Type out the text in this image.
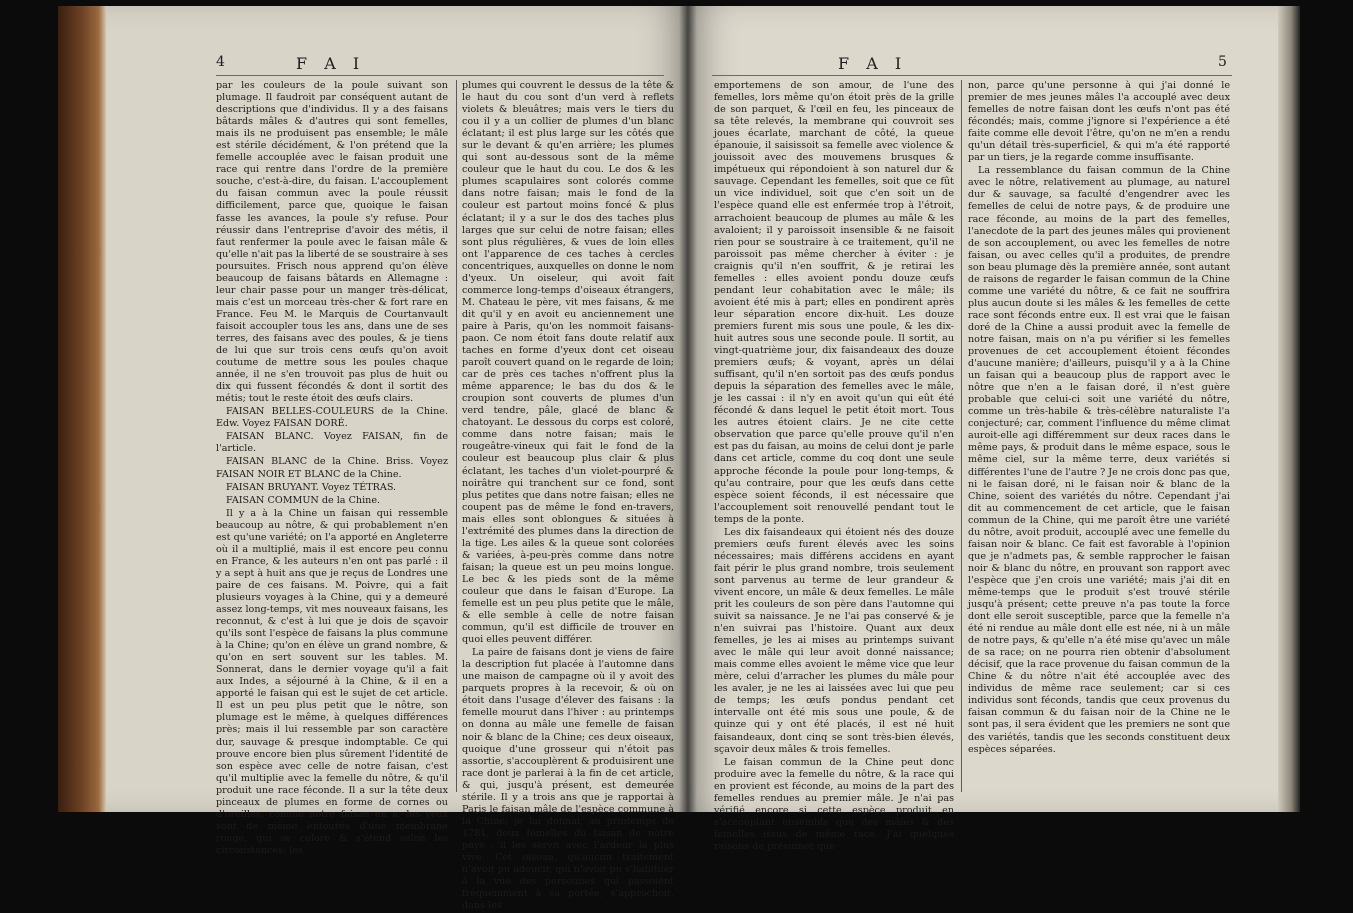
4	F A I

par les couleurs de la poule suivant son plumage. Il faudroit par conséquent autant de descriptions que d'individus. Il y a des faisans bâtards mâles & d'autres qui sont femelles, mais ils ne produisent pas ensemble; le mâle est stérile décidément, & l'on prétend que la femelle accouplée avec le faisan produit une race qui rentre dans l'ordre de la première souche, c'est-à-dire, du faisan. L'accouplement du faisan commun avec la poule réussit difficilement, parce que, quoique le faisan fasse les avances, la poule s'y refuse. Pour réussir dans l'entreprise d'avoir des métis, il faut renfermer la poule avec le faisan mâle & qu'elle n'ait pas la liberté de se soustraire à ses poursuites. Frisch nous apprend qu'on élève beaucoup de faisans bâtards en Allemagne : leur chair passe pour un manger très-délicat, mais c'est un morceau très-cher & fort rare en France. Feu M. le Marquis de Courtanvault faisoit accoupler tous les ans, dans une de ses terres, des faisans avec des poules, & je tiens de lui que sur trois cens œufs qu'on avoit coutume de mettre sous les poules chaque année, il ne s'en trouvoit pas plus de huit ou dix qui fussent fécondés & dont il sortit des métis; tout le reste étoit des œufs clairs.

FAISAN BELLES-COULEURS de la Chine. Edw. Voyez FAISAN DORÉ.

FAISAN BLANC. Voyez FAISAN, fin de l'article.

FAISAN BLANC de la Chine. Briss. Voyez FAISAN NOIR ET BLANC de la Chine.

FAISAN BRUYANT. Voyez TÉTRAS.

FAISAN COMMUN de la Chine.

Il y a à la Chine un faisan qui ressemble beaucoup au nôtre, & qui probablement n'en est qu'une variété; on l'a apporté en Angleterre où il a multiplié, mais il est encore peu connu en France, & les auteurs n'en ont pas parlé : il y a sept à huit ans que je reçus de Londres une paire de ces faisans. M. Poivre, qui a fait plusieurs voyages à la Chine, qui y a demeuré assez long-temps, vit mes nouveaux faisans, les reconnut, & c'est à lui que je dois de sçavoir qu'ils sont l'espèce de faisans la plus commune à la Chine; qu'on en élève un grand nombre, & qu'on en sert souvent sur les tables. M. Sonnerat, dans le dernier voyage qu'il a fait aux Indes, a séjourné à la Chine, & il en a apporté le faisan qui est le sujet de cet article. Il est un peu plus petit que le nôtre, son plumage est le même, à quelques différences près; mais il lui ressemble par son caractère dur, sauvage & presque indomptable. Ce qui prouve encore bien plus sûrement l'identité de son espèce avec celle de notre faisan, c'est qu'il multiplie avec la femelle du nôtre, & qu'il produit une race féconde. Il a sur la tête deux pinceaux de plumes en forme de cornes ou d'oreilles, comme notre faisan en a; les yeux sont de même entourés d'une membrane rouge, qui se colore & s'étend selon les circonstances; les

plumes qui couvrent le dessus de la tête & le haut du cou sont d'un verd à reflets violets & bleuâtres; mais vers le tiers du cou il y a un collier de plumes d'un blanc éclatant; il est plus large sur les côtés que sur le devant & qu'en arrière; les plumes qui sont au-dessous sont de la même couleur que le haut du cou. Le dos & les plumes scapulaires sont colorés comme dans notre faisan; mais le fond de la couleur est partout moins foncé & plus éclatant; il y a sur le dos des taches plus larges que sur celui de notre faisan; elles sont plus régulières, & vues de loin elles ont l'apparence de ces taches à cercles concentriques, auxquelles on donne le nom d'yeux. Un oiseleur, qui avoit fait commerce long-temps d'oiseaux étrangers, M. Chateau le père, vit mes faisans, & me dit qu'il y en avoit eu anciennement une paire à Paris, qu'on les nommoit faisans-paon. Ce nom étoit fans doute relatif aux taches en forme d'yeux dont cet oiseau paroît couvert quand on le regarde de loin; car de près ces taches n'offrent plus la même apparence; le bas du dos & le croupion sont couverts de plumes d'un verd tendre, pâle, glacé de blanc & chatoyant. Le dessous du corps est coloré, comme dans notre faisan; mais le rougeâtre-vineux qui fait le fond de la couleur est beaucoup plus clair & plus éclatant, les taches d'un violet-pourpré & noirâtre qui tranchent sur ce fond, sont plus petites que dans notre faisan; elles ne coupent pas de même le fond en-travers, mais elles sont oblongues & situées à l'extrémité des plumes dans la direction de la tige. Les ailes & la queue sont colorées & variées, à-peu-près comme dans notre faisan; la queue est un peu moins longue. Le bec & les pieds sont de la même couleur que dans le faisan d'Europe. La femelle est un peu plus petite que le mâle, & elle semble à celle de notre faisan commun, qu'il est difficile de trouver en quoi elles peuvent différer.

La paire de faisans dont je viens de faire la description fut placée à l'automne dans une maison de campagne où il y avoit des parquets propres à la recevoir, & où on étoit dans l'usage d'élever des faisans : la femelle mourut dans l'hiver : au printemps on donna au mâle une femelle de faisan noir & blanc de la Chine; ces deux oiseaux, quoique d'une grosseur qui n'étoit pas assortie, s'accouplèrent & produisirent une race dont je parlerai à la fin de cet article, & qui, jusqu'à présent, est demeurée stérile. Il y a trois ans que je rapportai à Paris le faisan mâle de l'espèce commune à la Chine; je lui donnai, au printemps de 1781, deux femelles du faisan de notre pays : il les servit avec l'ardeur la plus vive. Cet oiseau, qu'aucun traitement n'avoit pu adoucir, qui n'avoit pu s'habituer à la vue des personnes qui passoient fréquemment à sa portée, s'approchoit, dans les

F A I	5

emportemens de son amour, de l'une des femelles, lors même qu'on étoit près de la grille de son parquet, & l'œil en feu, les pinceaux de sa tête relevés, la membrane qui couvroit ses joues écarlate, marchant de côté, la queue épanouie, il saisissoit sa femelle avec violence & jouissoit avec des mouvemens brusques & impétueux qui répondoient à son naturel dur & sauvage. Cependant les femelles, soit que ce fût un vice individuel, soit que c'en soit un de l'espèce quand elle est enfermée trop à l'étroit, arrachoient beaucoup de plumes au mâle & les avaloient; il y paroissoit insensible & ne faisoit rien pour se soustraire à ce traitement, qu'il ne paroissoit pas même chercher à éviter : je craignis qu'il n'en souffrit, & je retirai les femelles : elles avoient pondu douze œufs pendant leur cohabitation avec le mâle; ils avoient été mis à part; elles en pondirent après leur séparation encore dix-huit. Les douze premiers furent mis sous une poule, & les dix-huit autres sous une seconde poule. Il sortit, au vingt-quatrième jour, dix faisandeaux des douze premiers œufs; & voyant, après un délai suffisant, qu'il n'en sortoit pas des œufs pondus depuis la séparation des femelles avec le mâle, je les cassai : il n'y en avoit qu'un qui eût été fécondé & dans lequel le petit étoit mort. Tous les autres étoient clairs. Je ne cite cette observation que parce qu'elle prouve qu'il n'en est pas du faisan, au moins de celui dont je parle dans cet article, comme du coq dont une seule approche féconde la poule pour long-temps, & qu'au contraire, pour que les œufs dans cette espèce soient féconds, il est nécessaire que l'accouplement soit renouvellé pendant tout le temps de la ponte.

Les dix faisandeaux qui étoient nés des douze premiers œufs furent élevés avec les soins nécessaires; mais différens accidens en ayant fait périr le plus grand nombre, trois seulement sont parvenus au terme de leur grandeur & vivent encore, un mâle & deux femelles. Le mâle prit les couleurs de son père dans l'automne qui suivit sa naissance. Je ne l'ai pas conservé & je n'en suivrai pas l'histoire. Quant aux deux femelles, je les ai mises au printemps suivant avec le mâle qui leur avoit donné naissance; mais comme elles avoient le même vice que leur mère, celui d'arracher les plumes du mâle pour les avaler, je ne les ai laissées avec lui que peu de temps; les œufs pondus pendant cet intervalle ont été mis sous une poule, & de quinze qui y ont été placés, il est né huit faisandeaux, dont cinq se sont très-bien élevés, sçavoir deux mâles & trois femelles.

Le faisan commun de la Chine peut donc produire avec la femelle du nôtre, & la race qui en provient est féconde, au moins de la part des femelles rendues au premier mâle. Je n'ai pas vérifié encore si cette espèce produit en s'accouplant ensemble que des mâles & des femelles issus de même race. J'ai quelques raisons de présumer que

non, parce qu'une personne à qui j'ai donné le premier de mes jeunes mâles l'a accouplé avec deux femelles de notre faisan dont les œufs n'ont pas été fécondés; mais, comme j'ignore si l'expérience a été faite comme elle devoit l'être, qu'on ne m'en a rendu qu'un détail très-superficiel, & qui m'a été rapporté par un tiers, je la regarde comme insuffisante.

La ressemblance du faisan commun de la Chine avec le nôtre, relativement au plumage, au naturel dur & sauvage, sa faculté d'engendrer avec les femelles de celui de notre pays, & de produire une race féconde, au moins de la part des femelles, l'anecdote de la part des jeunes mâles qui provienent de son accouplement, ou avec les femelles de notre faisan, ou avec celles qu'il a produites, de prendre son beau plumage dès la première année, sont autant de raisons de regarder le faisan commun de la Chine comme une variété du nôtre, & ce fait ne souffrira plus aucun doute si les mâles & les femelles de cette race sont féconds entre eux. Il est vrai que le faisan doré de la Chine a aussi produit avec la femelle de notre faisan, mais on n'a pu vérifier si les femelles provenues de cet accouplement étoient fécondes d'aucune manière; d'ailleurs, puisqu'il y a à la Chine un faisan qui a beaucoup plus de rapport avec le nôtre que n'en a le faisan doré, il n'est guère probable que celui-ci soit une variété du nôtre, comme un très-habile & très-célèbre naturaliste l'a conjecturé; car, comment l'influence du même climat auroit-elle agi différemment sur deux races dans le même pays, & produit dans le même espace, sous le même ciel, sur la même terre, deux variétés si différentes l'une de l'autre ? Je ne crois donc pas que, ni le faisan doré, ni le faisan noir & blanc de la Chine, soient des variétés du nôtre. Cependant j'ai dit au commencement de cet article, que le faisan commun de la Chine, qui me paroît être une variété du nôtre, avoit produit, accouplé avec une femelle du faisan noir & blanc. Ce fait est favorable à l'opinion que je n'admets pas, & semble rapprocher le faisan noir & blanc du nôtre, en prouvant son rapport avec l'espèce que j'en crois une variété; mais j'ai dit en même-temps que le produit s'est trouvé stérile jusqu'à présent; cette preuve n'a pas toute la force dont elle seroit susceptible, parce que la femelle n'a été ni rendue au mâle dont elle est née, ni à un mâle de notre pays, & qu'elle n'a été mise qu'avec un mâle de sa race; on ne pourra rien obtenir d'absolument décisif, que la race provenue du faisan commun de la Chine & du nôtre n'ait été accouplée avec des individus de même race seulement; car si ces individus sont féconds, tandis que ceux provenus du faisan commun & du faisan noir de la Chine ne le sont pas, il sera évident que les premiers ne sont que des variétés, tandis que les seconds constituent deux espèces séparées.
